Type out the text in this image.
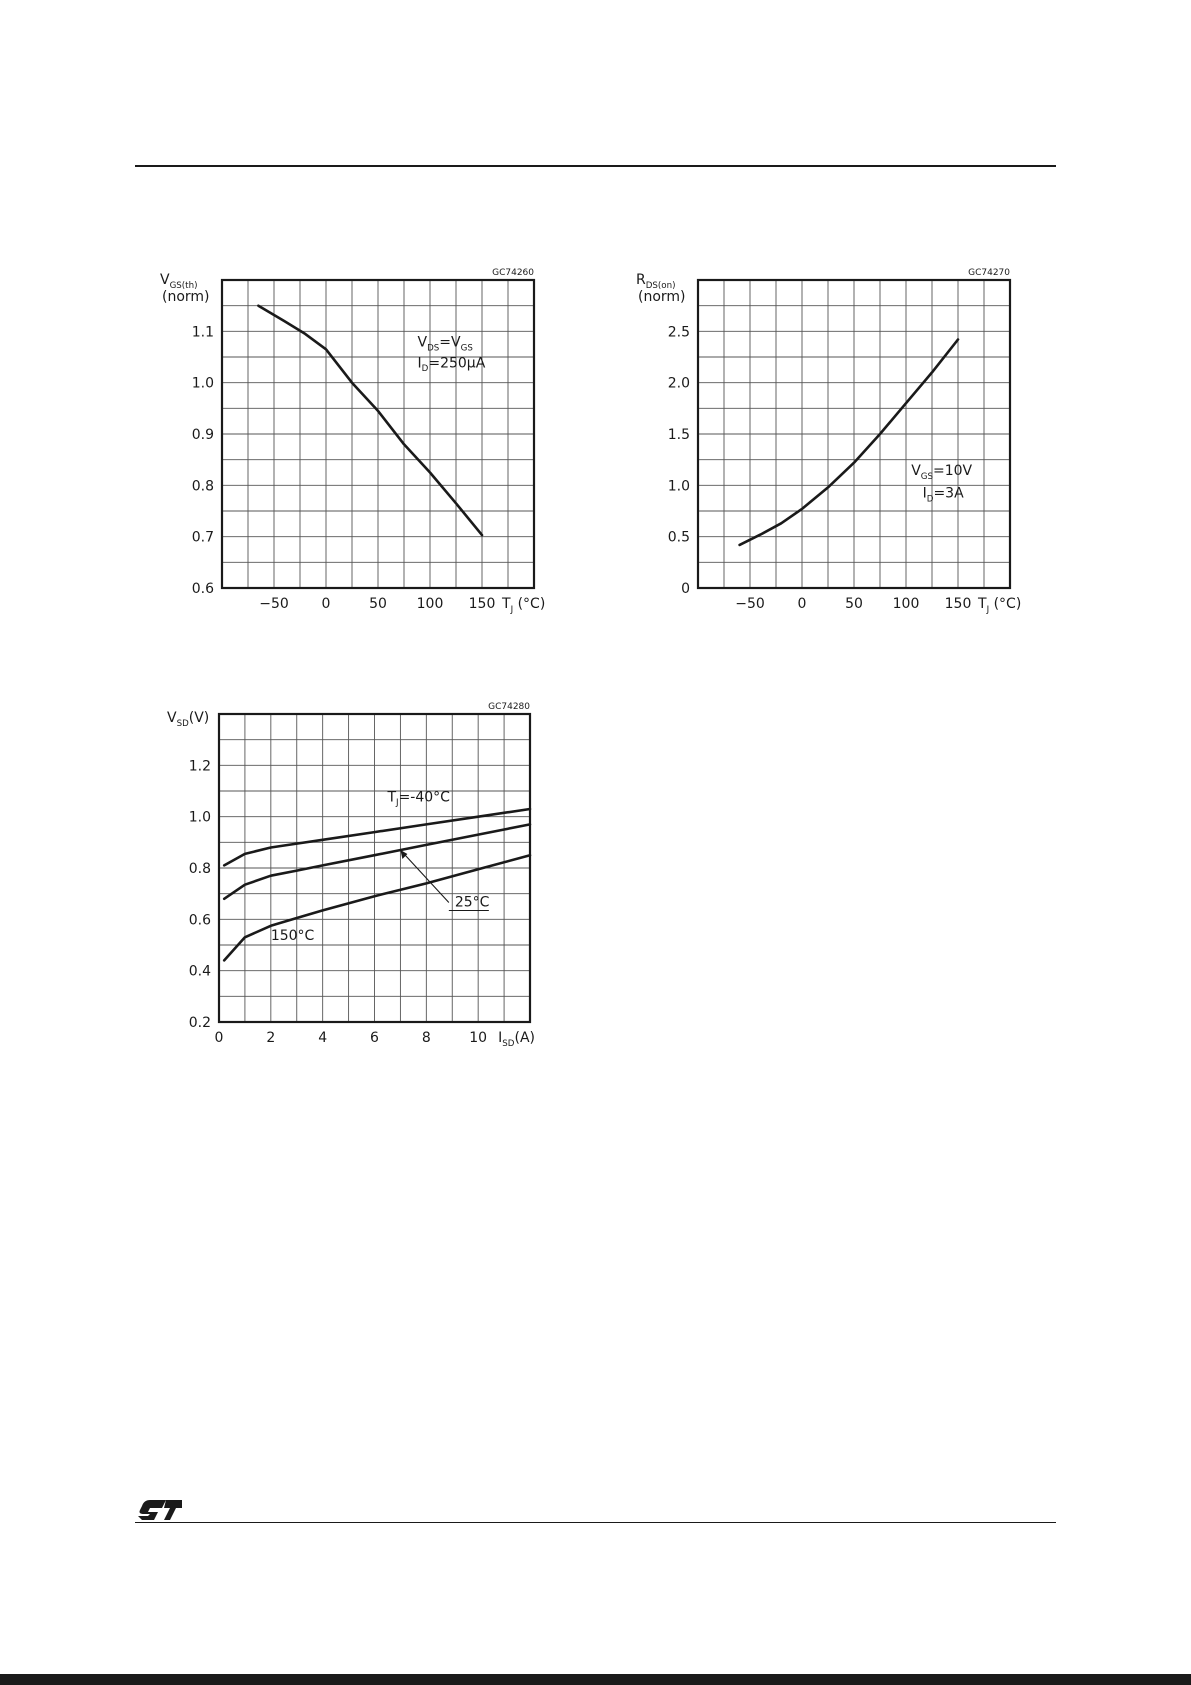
GC74260
0.6
0.7
0.8
0.9
1.0
1.1
−50 0	50 100 150
$V_{GS(th)}$
(norm)
$T_J$ (°C)
$V_{DS}=V_{GS}$
$I_D=250\mu A$
GC74270
0
0.5
1.0
1.5
2.0
2.5
−50 0	50 100 150
$R_{DS(on)}$
(norm)
$T_J$ (°C)
$V_{GS}=10V$
$I_D=3A$
GC74280
0.2
0.4
0.6
0.8
1.0
1.2
0	2	4	6	8	10
$V_{SD}(V)$
$I_{SD}(A)$
$T_J=-40^\circ C$
25°C
150°C
